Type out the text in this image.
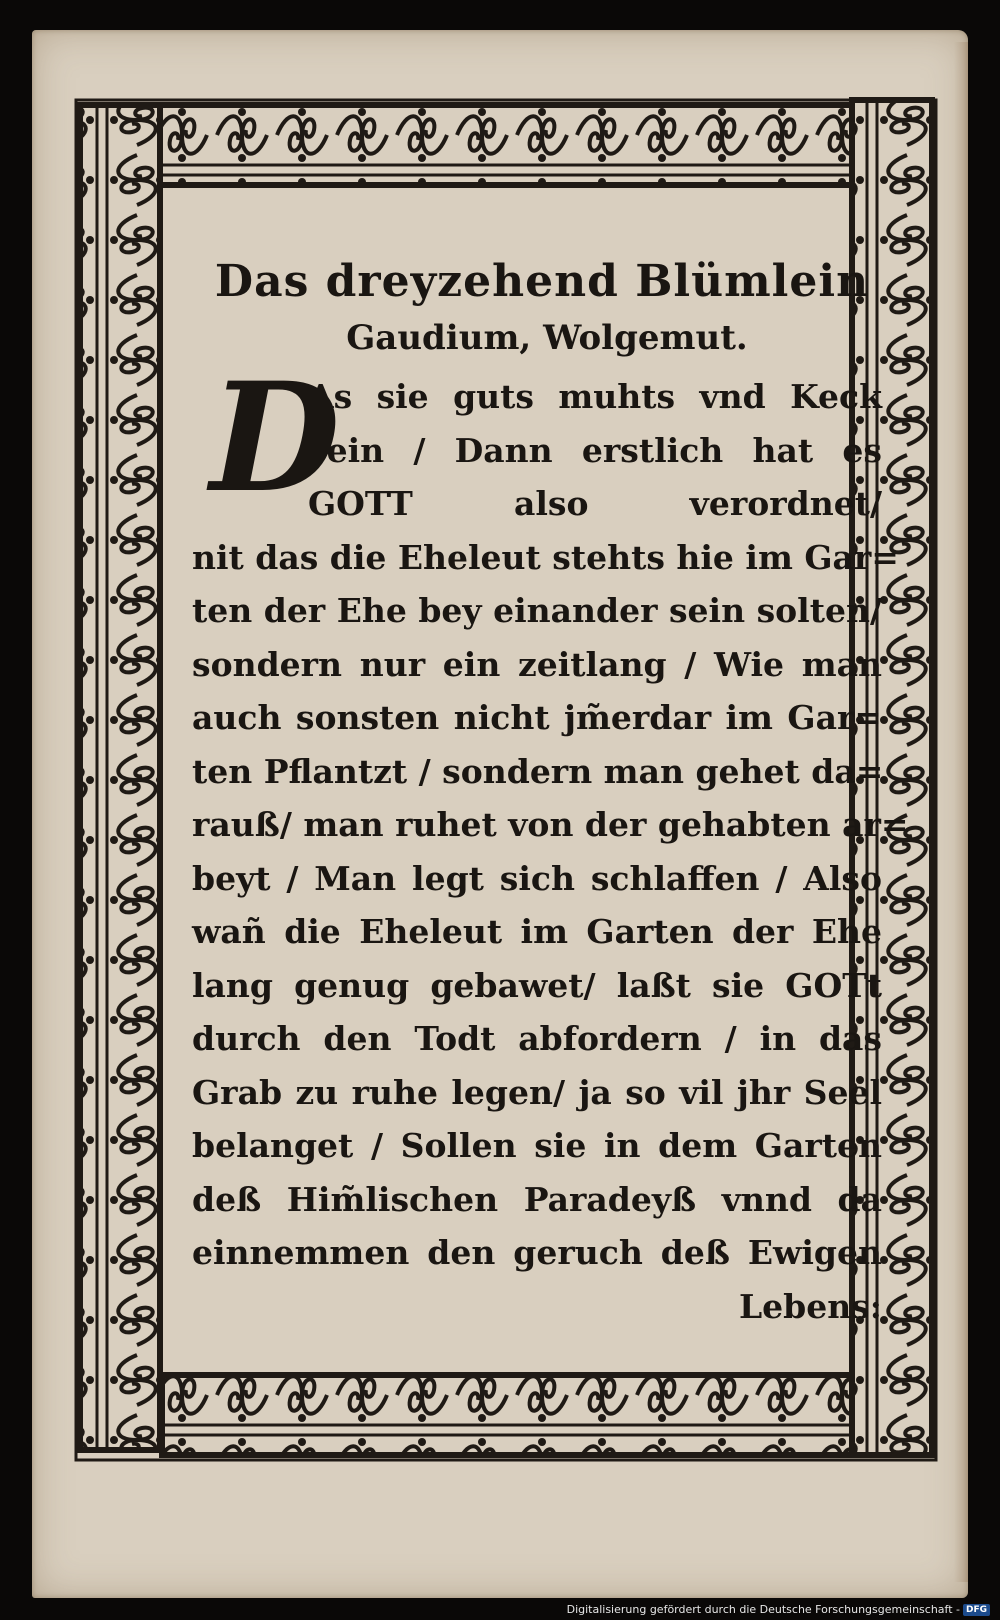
Das dreyzehend Blümlein
Gaudium, Wolgemut.
D
As sie guts muhts vnd Keck
sein / Dann erstlich hat es
GOTT also verordnet/
nit das die Eheleut stehts hie im Gar=
ten der Ehe bey einander sein solten/
sondern nur ein zeitlang / Wie man
auch sonsten nicht jm̃erdar im Gar=
ten Pflantzt / sondern man gehet da=
rauß/ man ruhet von der gehabten ar=
beyt / Man legt sich schlaffen / Also
wañ die Eheleut im Garten der Ehe
lang genug gebawet/ laßt sie GOTt
durch den Todt abfordern / in das
Grab zu ruhe legen/ ja so vil jhr Seel
belanget / Sollen sie in dem Garten
deß Him̃lischen Paradeyß vnnd da
einnemmen den geruch deß Ewigen
Lebens:
Digitalisierung gefördert durch die Deutsche Forschungsgemeinschaft - DFG
